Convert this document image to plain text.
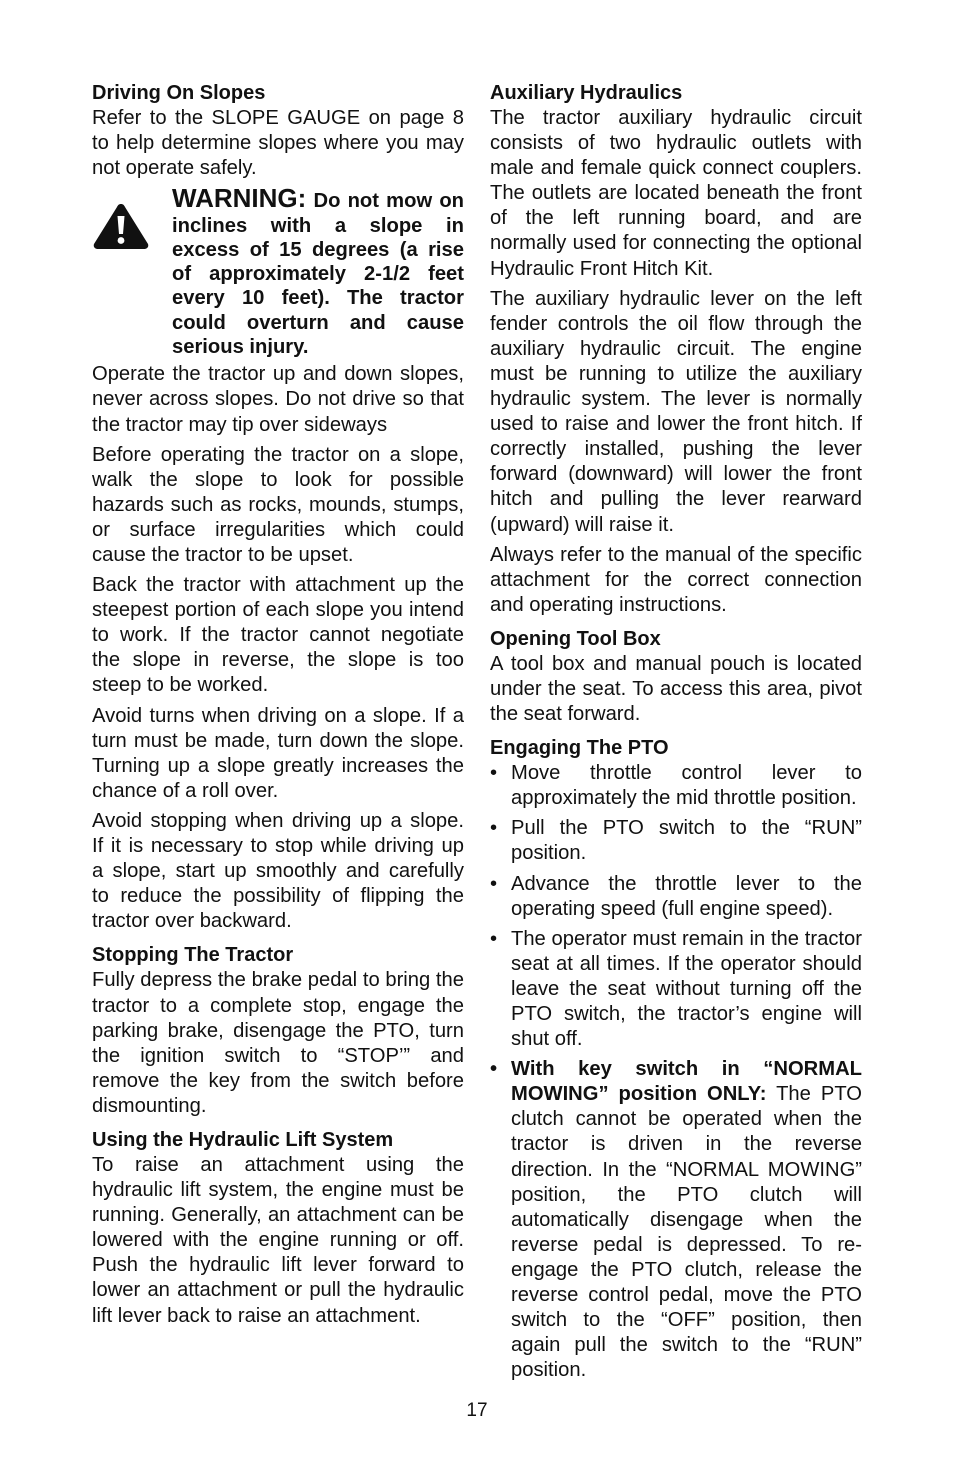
Driving On Slopes

Refer to the SLOPE GAUGE on page 8 to help determine slopes where you may not operate safely.

WARNING: Do not mow on inclines with a slope in excess of 15 degrees (a rise of approximately 2-1/2 feet every 10 feet). The tractor could overturn and cause serious injury.

Operate the tractor up and down slopes, never across slopes. Do not drive so that the tractor may tip over sideways

Before operating the tractor on a slope, walk the slope to look for possible hazards such as rocks, mounds, stumps, or surface irregularities which could cause the tractor to be upset.

Back the tractor with attachment up the steepest portion of each slope you intend to work. If the tractor cannot negotiate the slope in reverse, the slope is too steep to be worked.

Avoid turns when driving on a slope. If a turn must be made, turn down the slope. Turning up a slope greatly increases the chance of a roll over.

Avoid stopping when driving up a slope. If it is necessary to stop while driving up a slope, start up smoothly and carefully to reduce the possibility of flipping the tractor over backward.

Stopping The Tractor

Fully depress the brake pedal to bring the tractor to a complete stop, engage the parking brake, disengage the PTO, turn the ignition switch to “STOP’” and remove the key from the switch before dismounting.

Using the Hydraulic Lift System

To raise an attachment using the hydraulic lift system, the engine must be running. Generally, an attachment can be lowered with the engine running or off. Push the hydraulic lift lever forward to lower an attachment or pull the hydraulic lift lever back to raise an attachment.

Auxiliary Hydraulics

The tractor auxiliary hydraulic circuit consists of two hydraulic outlets with male and female quick connect couplers. The outlets are located beneath the front of the left running board, and are normally used for connecting the optional Hydraulic Front Hitch Kit.

The auxiliary hydraulic lever on the left fender controls the oil flow through the auxiliary hydraulic circuit. The engine must be running to utilize the auxiliary hydraulic system. The lever is normally used to raise and lower the front hitch. If correctly installed, pushing the lever forward (downward) will lower the front hitch and pulling the lever rearward (upward) will raise it.

Always refer to the manual of the specific attachment for the correct connection and operating instructions.

Opening Tool Box

A tool box and manual pouch is located under the seat. To access this area, pivot the seat forward.

Engaging The PTO
• Move throttle control lever to approximately the mid throttle position.
• Pull the PTO switch to the “RUN” position.
• Advance the throttle lever to the operating speed (full engine speed).
• The operator must remain in the tractor seat at all times. If the operator should leave the seat without turning off the PTO switch, the tractor’s engine will shut off.
• With key switch in “NORMAL MOWING” position ONLY: The PTO clutch cannot be operated when the tractor is driven in the reverse direction. In the “NORMAL MOWING” position, the PTO clutch will automatically disengage when the reverse pedal is depressed. To re-engage the PTO clutch, release the reverse control pedal, move the PTO switch to the “OFF” position, then again pull the switch to the “RUN” position.
17
